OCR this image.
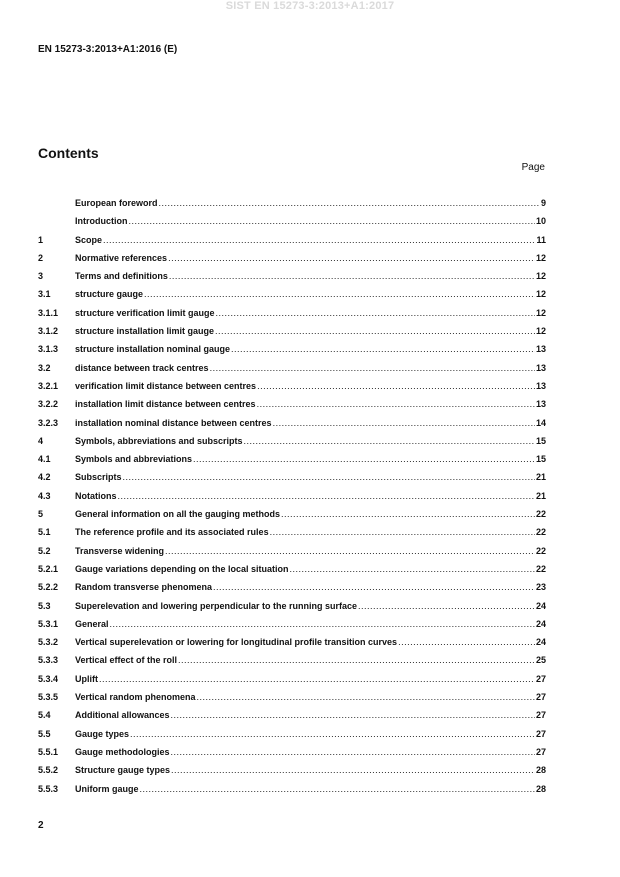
SIST EN 15273-3:2013+A1:2017
EN 15273-3:2013+A1:2016 (E)
Contents
Page
European foreword .....	9
Introduction .....	10
1	Scope .....	11
2	Normative references .....	12
3	Terms and definitions .....	12
3.1	structure gauge .....	12
3.1.1	structure verification limit gauge .....	12
3.1.2	structure installation limit gauge .....	12
3.1.3	structure installation nominal gauge .....	13
3.2	distance between track centres .....	13
3.2.1	verification limit distance between centres .....	13
3.2.2	installation limit distance between centres .....	13
3.2.3	installation nominal distance between centres .....	14
4	Symbols, abbreviations and subscripts .....	15
4.1	Symbols and abbreviations .....	15
4.2	Subscripts .....	21
4.3	Notations .....	21
5	General information on all the gauging methods .....	22
5.1	The reference profile and its associated rules .....	22
5.2	Transverse widening .....	22
5.2.1	Gauge variations depending on the local situation .....	22
5.2.2	Random transverse phenomena .....	23
5.3	Superelevation and lowering perpendicular to the running surface .....	24
5.3.1	General .....	24
5.3.2	Vertical superelevation or lowering for longitudinal profile transition curves .....	24
5.3.3	Vertical effect of the roll .....	25
5.3.4	Uplift .....	27
5.3.5	Vertical random phenomena .....	27
5.4	Additional allowances .....	27
5.5	Gauge types .....	27
5.5.1	Gauge methodologies .....	27
5.5.2	Structure gauge types .....	28
5.5.3	Uniform gauge .....	28
2
